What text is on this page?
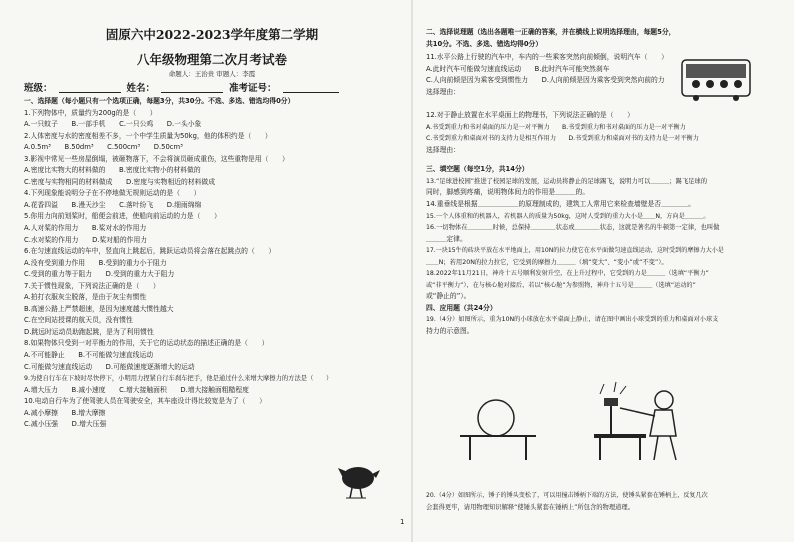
固原六中2022-2023学年度第二学期
八年级物理第二次月考试卷
命题人：王治贵 审题人：李霞
班级：	姓名：	准考证号：
一、选择题（每小题只有一个选项正确，每题3分，共30分。不选、多选、错选均得0分）
1.下列物体中，质量约为200g的是（　　）
A.一只蚊子　　B.一部手机　　C.一只公鸡　　D.一头小象
2.人体密度与水的密度相差不多，一个中学生质量为50kg，他的体积约是（　　）
A.0.5m³　　B.50dm³　　C.500cm³　　D.50cm³
3.影视中常见一些房屋倒塌，被砸物落下，不会将演员砸成重伤，这些重物是用（　　）
A.密度比实物大的材料做的　　B.密度比实物小的材料做的
C.密度与实物相同的材料做成　　D.密度与实物相近的材料做成
4.下列现象能说明分子在不停地做无规则运动的是（　　）
A.花香四溢　　B.漫天沙尘　　C.落叶纷飞　　D.细雨绵绵
5.你用力向前划桨时，船便会前进，使船向前运动的力是（　　）
A.人对桨的作用力　　B.桨对水的作用力
C.水对桨的作用力　　D.桨对船的作用力
6.在匀速直线运动的车中，竖直向上跳起后，跳跃运动员将会落在起跳点的（　　）
A.没有受到重力作用　　B.受到的重力小于阻力
C.受到的重力等于阻力　　D.受到的重力大于阻力
7.关于惯性现象，下列说法正确的是（　　）
A.拍打衣服灰尘脱落，是由于灰尘有惯性
B.高速公路上严禁超速，是因为速度越大惯性越大
C.在空间站授课的航天员，没有惯性
D.跳远时运动员助跑起跳，是为了利用惯性
8.如果物体只受到一对平衡力的作用，关于它的运动状态的描述正确的是（　　）
A.不可能静止　　B.不可能做匀速直线运动
C.可能做匀速直线运动　　D.可能做速度逐渐增大的运动
9.为使自行车在下坡时尽快停下，小明用力捏紧自行车刹车把手，他是通过什么来增大摩擦力的方法是（　　）
A.增大压力　　B.减小速度　　C.增大接触面积　　D.增大接触面粗糙程度
10.电动自行车为了使驾驶人员在驾驶安全，其车座设计得比较宽是为了（　　）
A.减小摩擦　　B.增大摩擦
C.减小压强　　D.增大压强
二、选择说理题（选出各题唯一正确的答案，并在横线上说明选择理由，每题5分，共10分。不选、多选、错选均得0分）
11.水平公路上行驶的汽车中，车内的一些乘客突然向前倾倒，说明汽车（　　）
A.此时汽车可能做匀速直线运动　　B.此时汽车可能突然刹车
C.人向前倾是因为乘客受到惯性力　　D.人向前倾是因为乘客受到突然向前的力
选择理由：
12.对于静止放置在水平桌面上的物理书，下列说法正确的是（　　）
A.书受到重力和书对桌面的压力是一对平衡力　　B.书受到重力和书对桌面的压力是一对平衡力
C.书受到重力和桌面对书的支持力是相互作用力　　D.书受到重力和桌面对书的支持力是一对平衡力
选择理由：
三、填空题（每空1分，共14分）
13.“足球进校园”推进了校园足球的发展，运动员将静止的足球踢飞，说明力可以＿＿＿；踢飞足球的
同时，脚感到疼痛，说明物体间力的作用是＿＿＿的。
14.重垂线是根据＿＿＿＿＿＿的原理制成的，建筑工人常用它来检查墙壁是否＿＿＿＿。
15.一个人体重和的机器人，若机器人的质量为50kg，这时人受到的重力大小是＿＿N，方向是＿＿＿。
16.一切物体在＿＿＿＿时候，总保持＿＿＿＿状态或＿＿＿＿状态，这就是著名的牛顿第一定律，也叫做
＿＿＿定律。
17.一块15牛的砖块平放在水平地面上，用10N的拉力使它在水平面做匀速直线运动，这时受到的摩擦力大小是
＿＿N；若用20N的拉力拉它，它受到的摩擦力＿＿＿（填“变大”、“变小”或“不变”）。
18.2022年11月21日，神舟十五号顺利发射升空，在上升过程中，它受到的力是＿＿＿（选填“平衡力”
或“非平衡力”），在与核心舱对接后，若以“核心舱”为参照物，神舟十五号是＿＿＿（选填“运动的”
或“静止的”）。
四、应用题（共24分）
19.（4分）如图所示，重为10N的小球放在水平桌面上静止，请在图中画出小球受到的重力和桌面对小球支
持力的示意图。
20.（4分）如图所示，锤子的锤头变松了，可以用撞击锤柄下端的方法，使锤头紧套在锤柄上，反复几次
会套得更牢，请用物理知识解释“使锤头紧套在锤柄上”所包含的物理道理。
1
